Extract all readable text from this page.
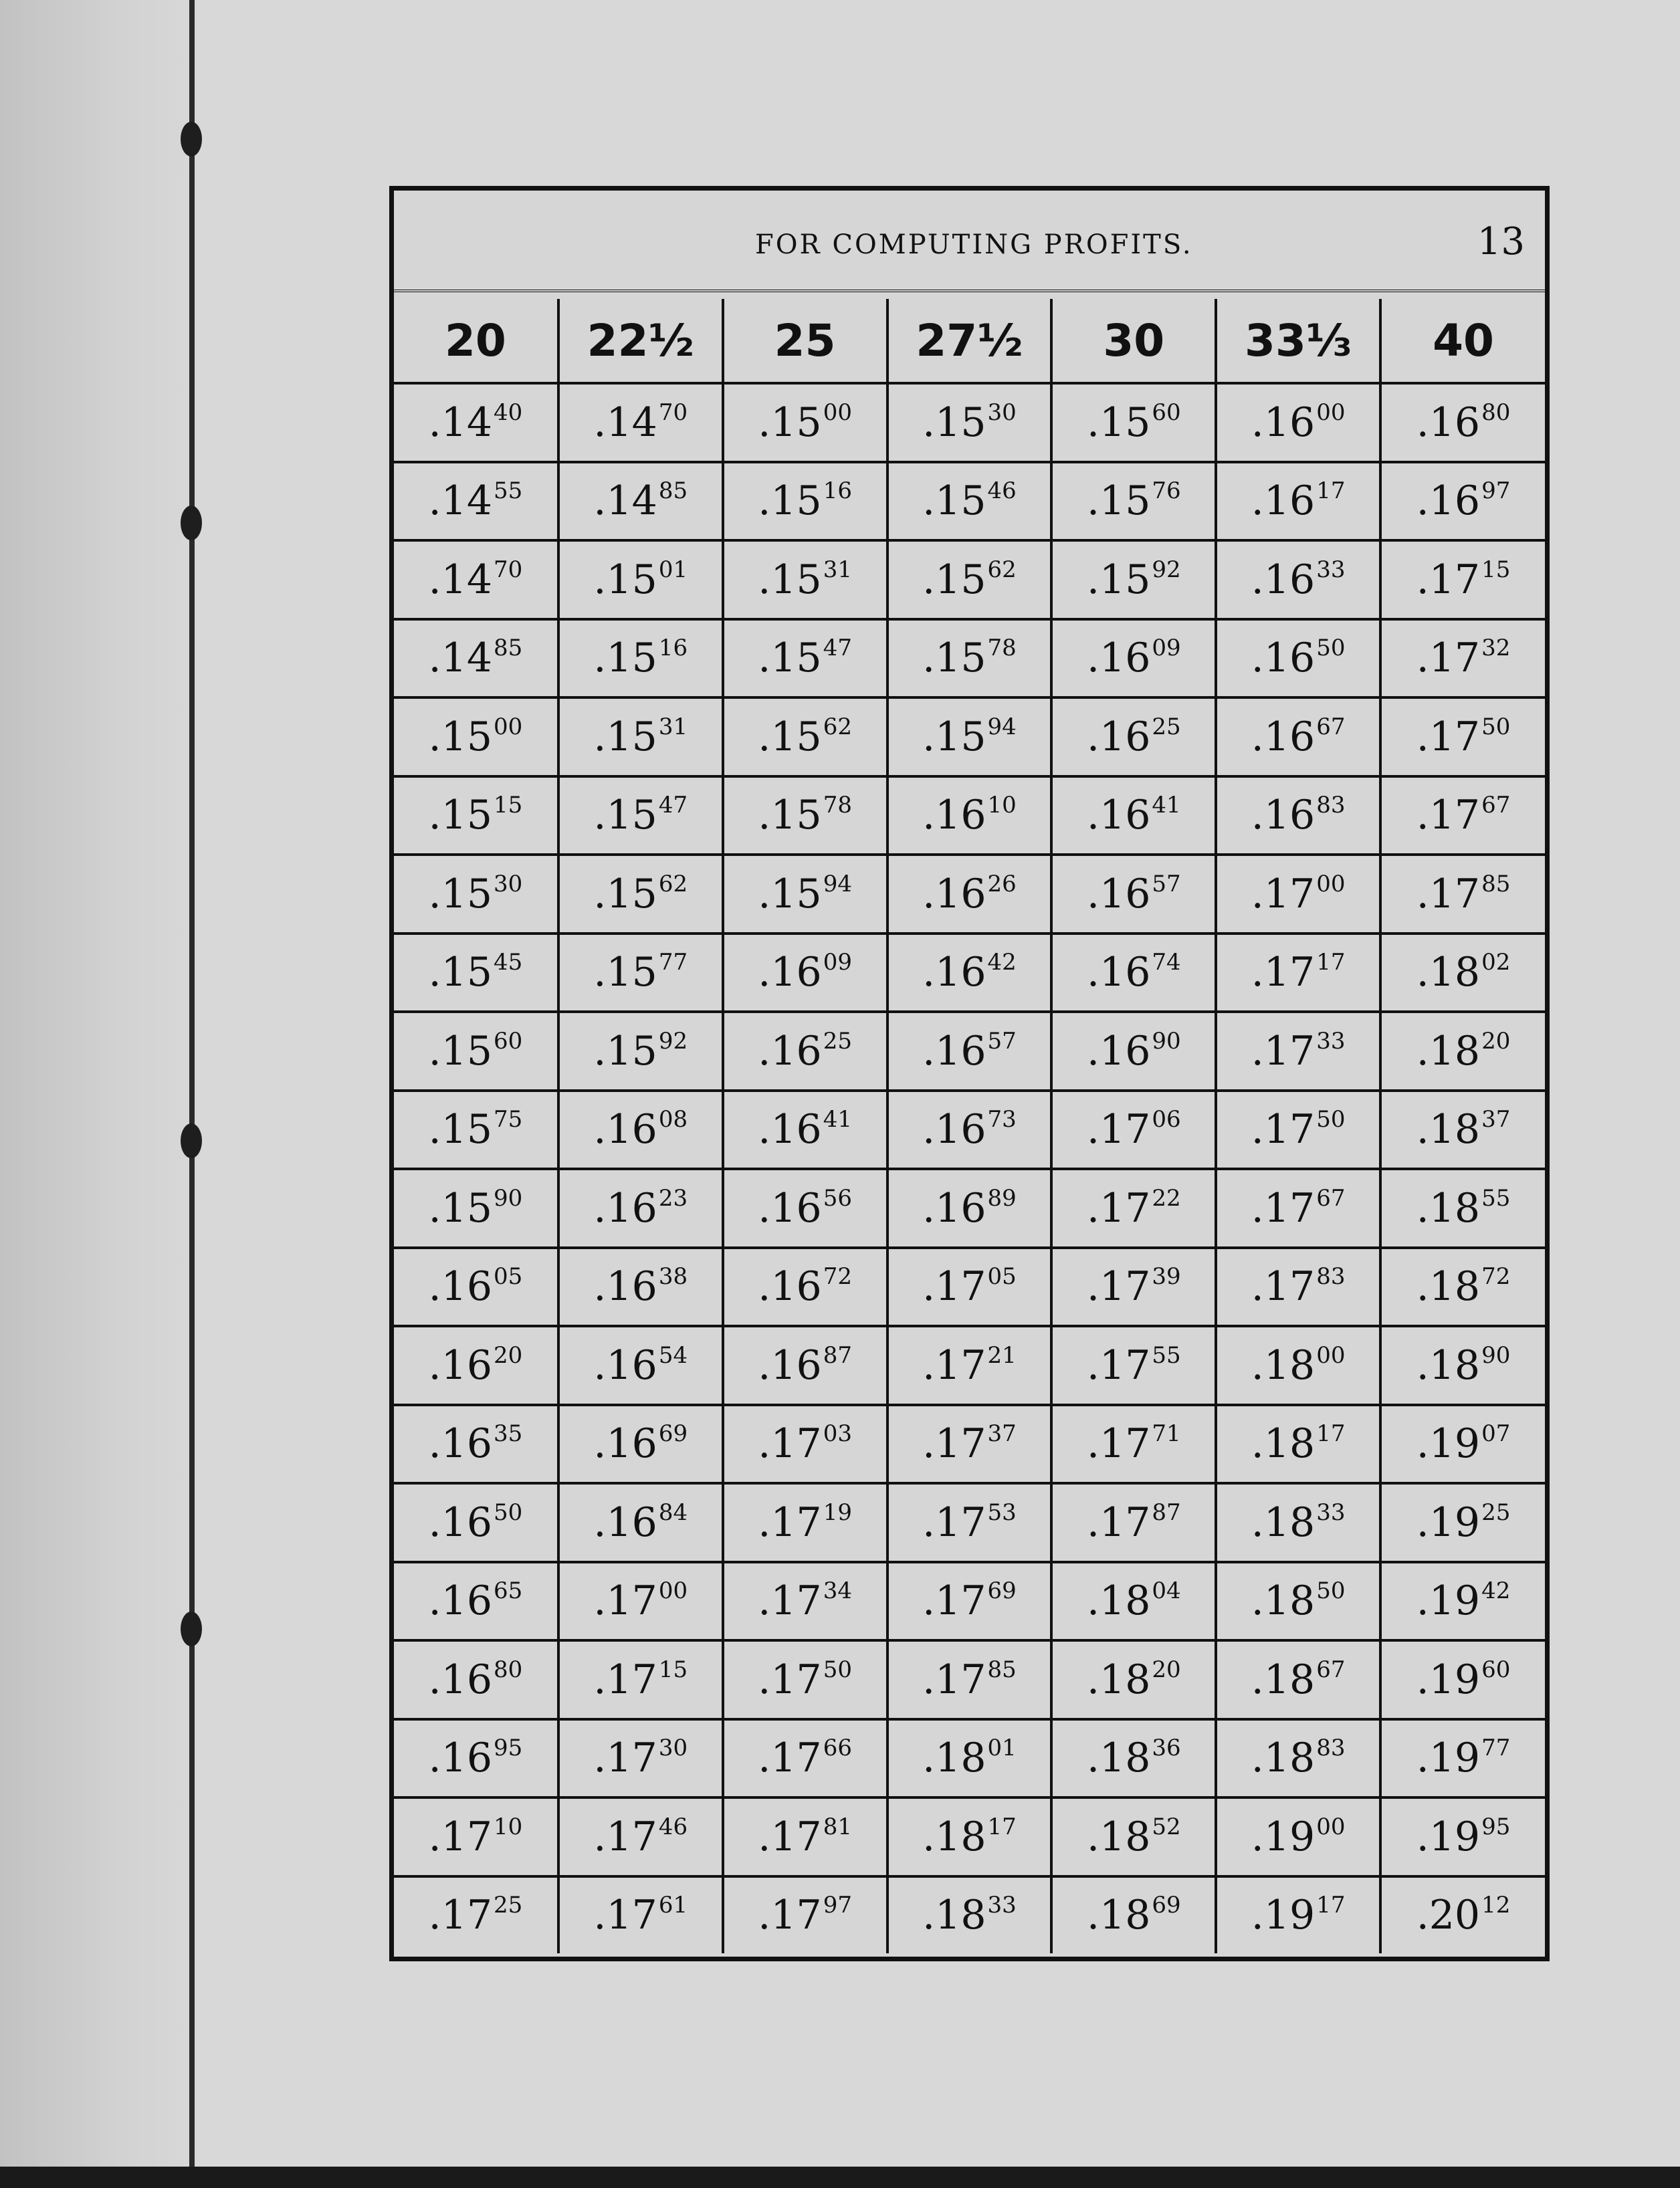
FOR COMPUTING PROFITS.	13
20	22½	25	27½	30	33⅓	40
$.14^{40}$	$.14^{70}$	$.15^{00}$	$.15^{30}$	$.15^{60}$	$.16^{00}$	$.16^{80}$
$.14^{55}$	$.14^{85}$	$.15^{16}$	$.15^{46}$	$.15^{76}$	$.16^{17}$	$.16^{97}$
$.14^{70}$	$.15^{01}$	$.15^{31}$	$.15^{62}$	$.15^{92}$	$.16^{33}$	$.17^{15}$
$.14^{85}$	$.15^{16}$	$.15^{47}$	$.15^{78}$	$.16^{09}$	$.16^{50}$	$.17^{32}$
$.15^{00}$	$.15^{31}$	$.15^{62}$	$.15^{94}$	$.16^{25}$	$.16^{67}$	$.17^{50}$
$.15^{15}$	$.15^{47}$	$.15^{78}$	$.16^{10}$	$.16^{41}$	$.16^{83}$	$.17^{67}$
$.15^{30}$	$.15^{62}$	$.15^{94}$	$.16^{26}$	$.16^{57}$	$.17^{00}$	$.17^{85}$
$.15^{45}$	$.15^{77}$	$.16^{09}$	$.16^{42}$	$.16^{74}$	$.17^{17}$	$.18^{02}$
$.15^{60}$	$.15^{92}$	$.16^{25}$	$.16^{57}$	$.16^{90}$	$.17^{33}$	$.18^{20}$
$.15^{75}$	$.16^{08}$	$.16^{41}$	$.16^{73}$	$.17^{06}$	$.17^{50}$	$.18^{37}$
$.15^{90}$	$.16^{23}$	$.16^{56}$	$.16^{89}$	$.17^{22}$	$.17^{67}$	$.18^{55}$
$.16^{05}$	$.16^{38}$	$.16^{72}$	$.17^{05}$	$.17^{39}$	$.17^{83}$	$.18^{72}$
$.16^{20}$	$.16^{54}$	$.16^{87}$	$.17^{21}$	$.17^{55}$	$.18^{00}$	$.18^{90}$
$.16^{35}$	$.16^{69}$	$.17^{03}$	$.17^{37}$	$.17^{71}$	$.18^{17}$	$.19^{07}$
$.16^{50}$	$.16^{84}$	$.17^{19}$	$.17^{53}$	$.17^{87}$	$.18^{33}$	$.19^{25}$
$.16^{65}$	$.17^{00}$	$.17^{34}$	$.17^{69}$	$.18^{04}$	$.18^{50}$	$.19^{42}$
$.16^{80}$	$.17^{15}$	$.17^{50}$	$.17^{85}$	$.18^{20}$	$.18^{67}$	$.19^{60}$
$.16^{95}$	$.17^{30}$	$.17^{66}$	$.18^{01}$	$.18^{36}$	$.18^{83}$	$.19^{77}$
$.17^{10}$	$.17^{46}$	$.17^{81}$	$.18^{17}$	$.18^{52}$	$.19^{00}$	$.19^{95}$
$.17^{25}$	$.17^{61}$	$.17^{97}$	$.18^{33}$	$.18^{69}$	$.19^{17}$	$.20^{12}$
